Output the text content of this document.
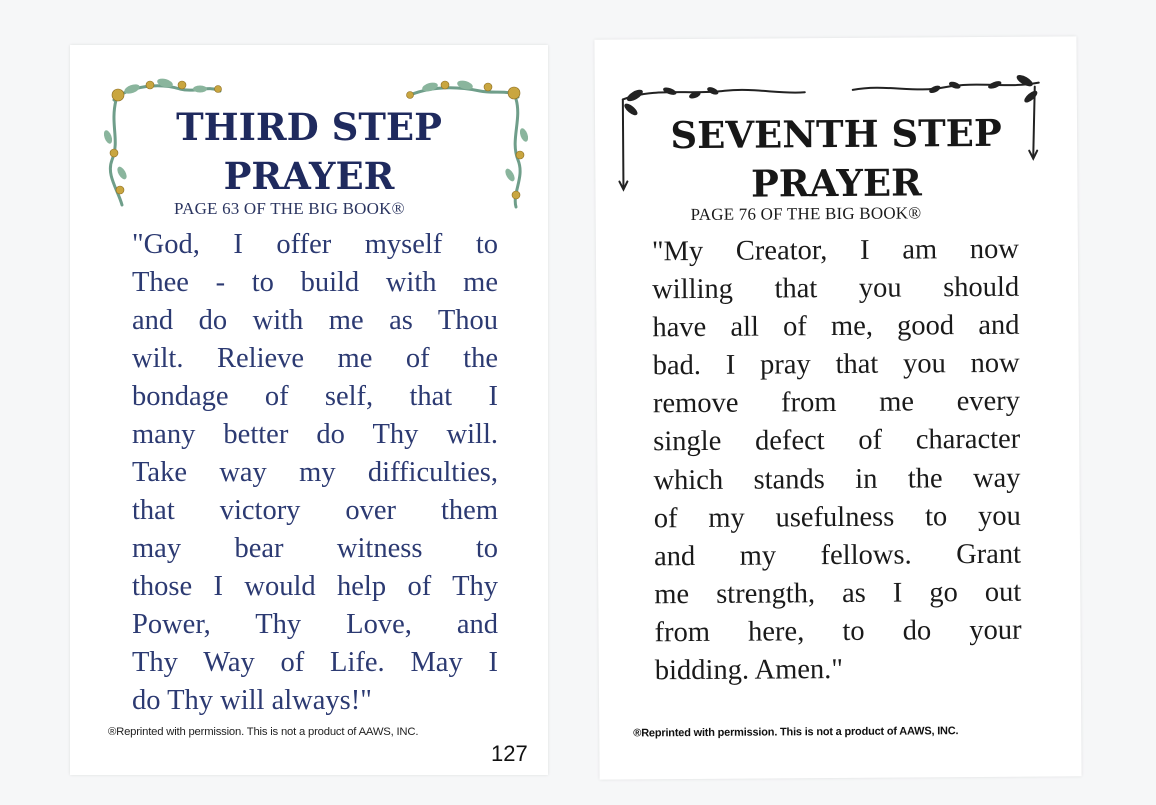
THIRD STEP
PRAYER
PAGE 63 OF THE BIG BOOK®
"God, I offer myself to
Thee - to build with me
and do with me as Thou
wilt. Relieve me of the
bondage of self, that I
many better do Thy will.
Take way my difficulties,
that victory over them
may bear witness to
those I would help of Thy
Power, Thy Love, and
Thy Way of Life. May I
do Thy will always!"
®Reprinted with permission. This is not a product of AAWS, INC.
127
SEVENTH STEP
PRAYER
PAGE 76 OF THE BIG BOOK®
"My Creator, I am now
willing that you should
have all of me, good and
bad. I pray that you now
remove from me every
single defect of character
which stands in the way
of my usefulness to you
and my fellows. Grant
me strength, as I go out
from here, to do your
bidding. Amen."
®Reprinted with permission. This is not a product of AAWS, INC.
